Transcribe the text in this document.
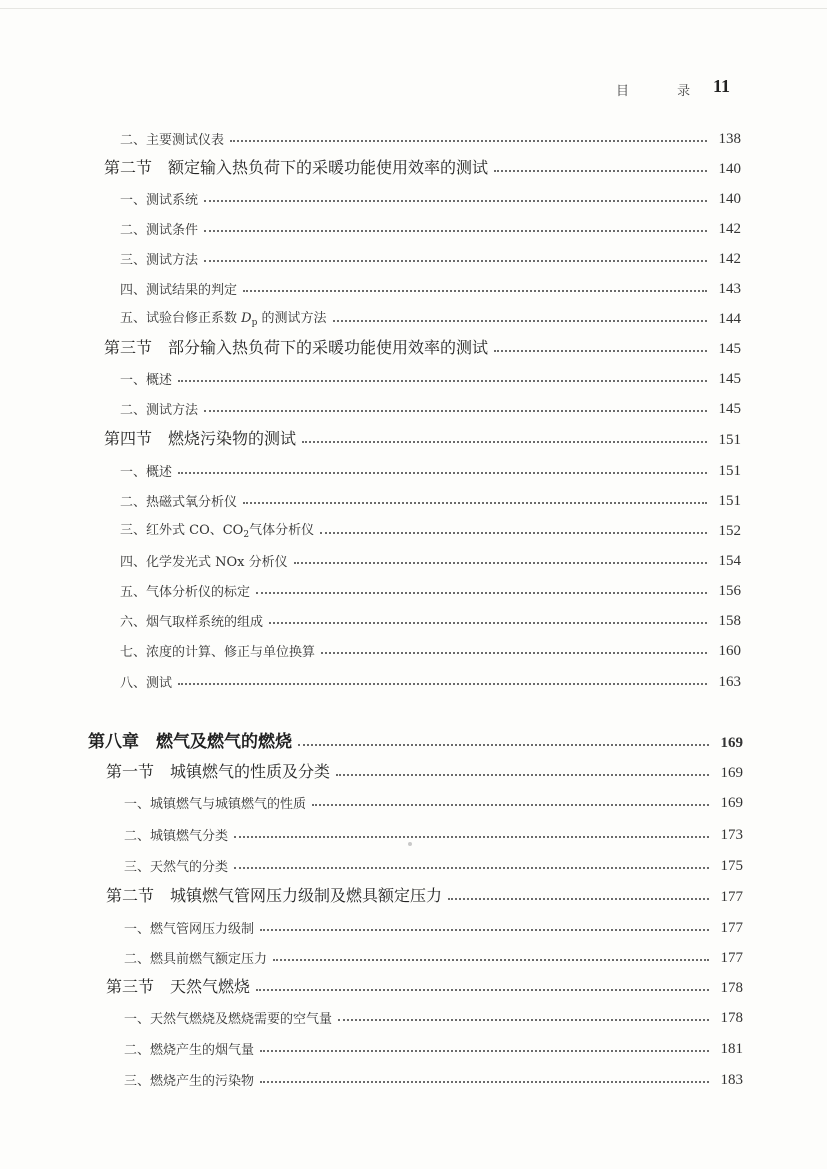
目 录 11
二、主要测试仪表	138
第二节　额定输入热负荷下的采暖功能使用效率的测试	140
一、测试系统	140
二、测试条件	142
三、测试方法	142
四、测试结果的判定	143
五、试验台修正系数 $D_p$ 的测试方法	144
第三节　部分输入热负荷下的采暖功能使用效率的测试	145
一、概述	145
二、测试方法	145
第四节　燃烧污染物的测试	151
一、概述	151
二、热磁式氧分析仪	151
三、红外式 CO、$CO_2$气体分析仪	152
四、化学发光式 NOx 分析仪	154
五、气体分析仪的标定	156
六、烟气取样系统的组成	158
七、浓度的计算、修正与单位换算	160
八、测试	163
第八章　燃气及燃气的燃烧	169
第一节　城镇燃气的性质及分类	169
一、城镇燃气与城镇燃气的性质	169
二、城镇燃气分类	173
三、天然气的分类	175
第二节　城镇燃气管网压力级制及燃具额定压力	177
一、燃气管网压力级制	177
二、燃具前燃气额定压力	177
第三节　天然气燃烧	178
一、天然气燃烧及燃烧需要的空气量	178
二、燃烧产生的烟气量	181
三、燃烧产生的污染物	183
